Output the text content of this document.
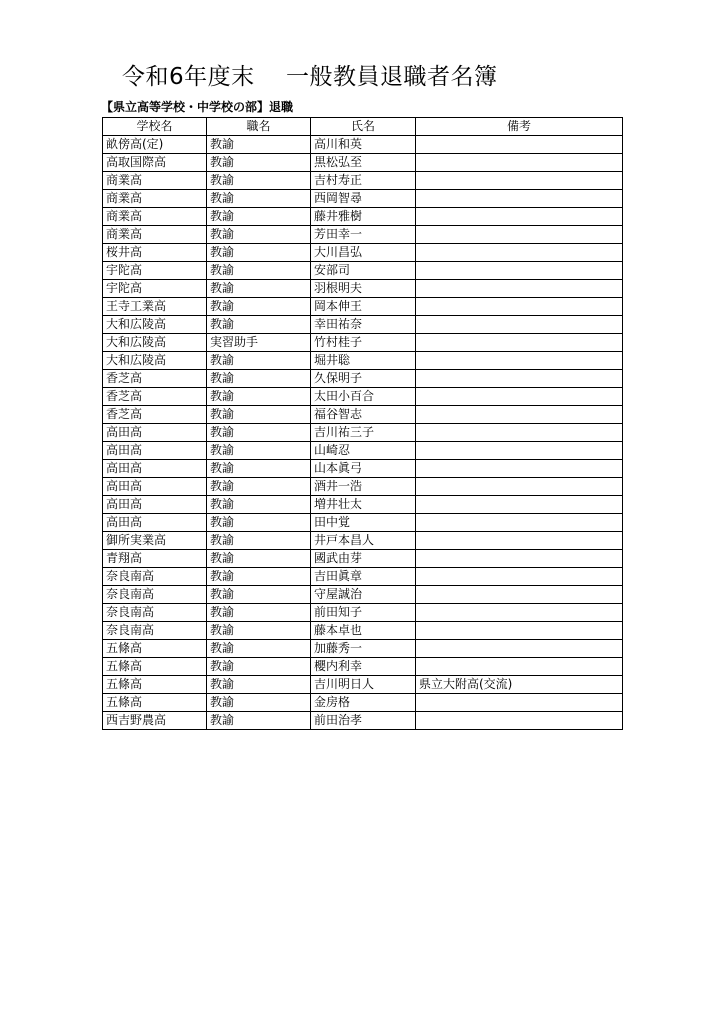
令和6年度末　 一般教員退職者名簿
【県立高等学校・中学校の部】退職
学校名	職名	氏名	備考
畝傍高(定)	教諭	高川和英	
高取国際高	教諭	黒松弘至	
商業高	教諭	吉村寿正	
商業高	教諭	西岡智尋	
商業高	教諭	藤井雅樹	
商業高	教諭	芳田幸一	
桜井高	教諭	大川昌弘	
宇陀高	教諭	安部司	
宇陀高	教諭	羽根明夫	
王寺工業高	教諭	岡本伸王	
大和広陵高	教諭	幸田祐奈	
大和広陵高	実習助手	竹村桂子	
大和広陵高	教諭	堀井聡	
香芝高	教諭	久保明子	
香芝高	教諭	太田小百合	
香芝高	教諭	福谷智志	
高田高	教諭	吉川祐三子	
高田高	教諭	山崎忍	
高田高	教諭	山本眞弓	
高田高	教諭	酒井一浩	
高田高	教諭	増井壮太	
高田高	教諭	田中覚	
御所実業高	教諭	井戸本昌人	
青翔高	教諭	國武由芽	
奈良南高	教諭	吉田眞章	
奈良南高	教諭	守屋誠治	
奈良南高	教諭	前田知子	
奈良南高	教諭	藤本卓也	
五條高	教諭	加藤秀一	
五條高	教諭	櫻内利幸	
五條高	教諭	吉川明日人	県立大附高(交流)
五條高	教諭	金房格	
西吉野農高	教諭	前田治孝	
